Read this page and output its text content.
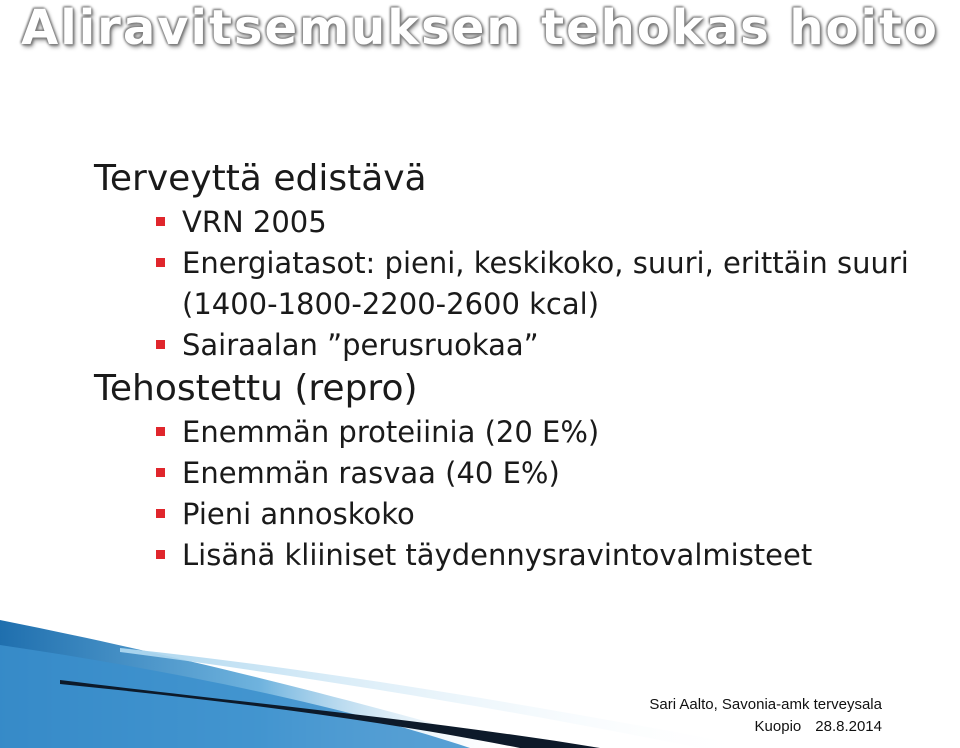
Aliravitsemuksen tehokas hoito
Terveyttä edistävä
VRN 2005
Energiatasot: pieni, keskikoko, suuri, erittäin suuri (1400-1800-2200-2600 kcal)
Sairaalan ”perusruokaa”
Tehostettu (repro)
Enemmän proteiinia (20 E%)
Enemmän rasvaa (40 E%)
Pieni annoskoko
Lisänä kliiniset täydennysravintovalmisteet
Sari Aalto, Savonia-amk terveysala
Kuopio 28.8.2014
